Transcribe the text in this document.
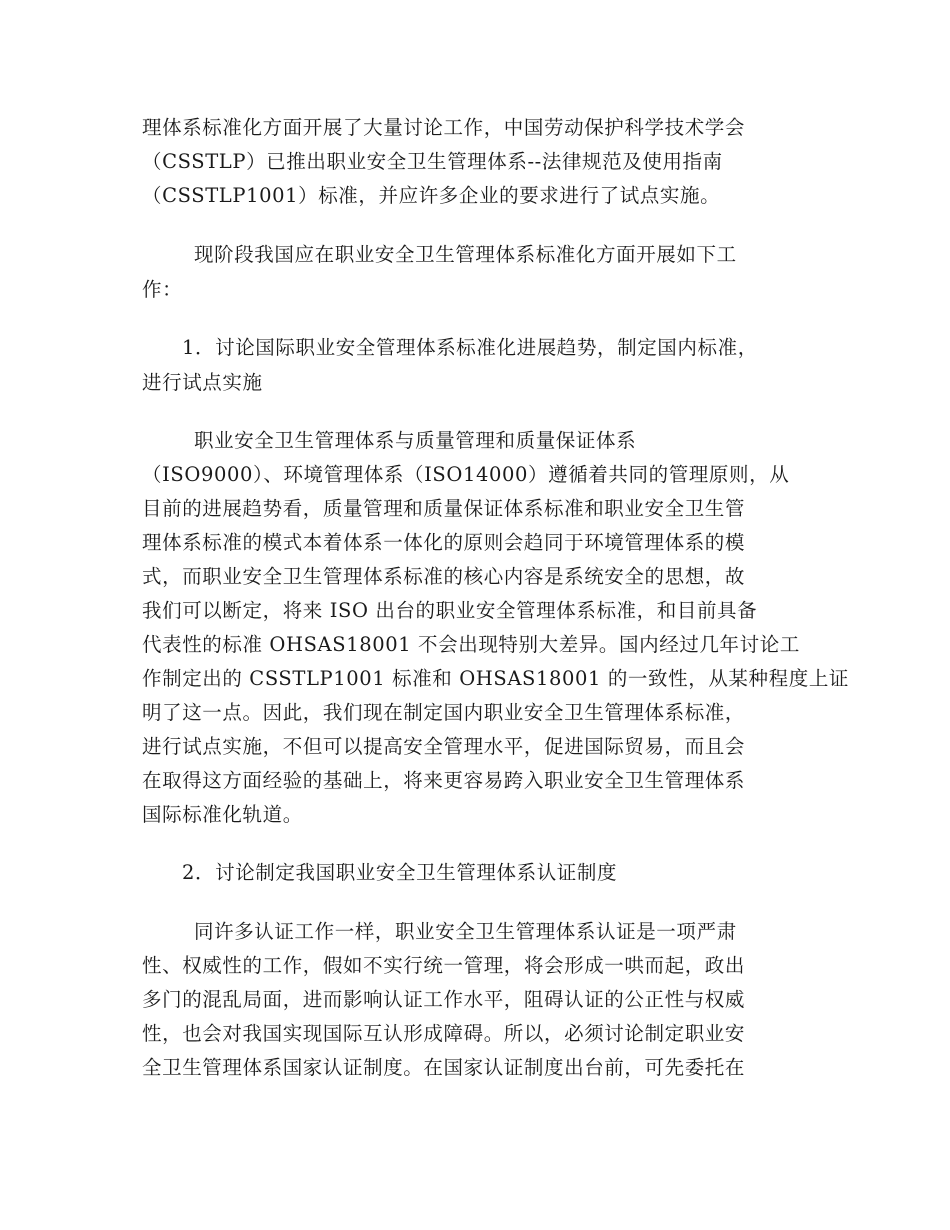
理体系标准化方面开展了大量讨论工作，中国劳动保护科学技术学会
（CSSTLP）已推出职业安全卫生管理体系--法律规范及使用指南
（CSSTLP1001）标准，并应许多企业的要求进行了试点实施。
现阶段我国应在职业安全卫生管理体系标准化方面开展如下工
作：
1．讨论国际职业安全管理体系标准化进展趋势，制定国内标准，
进行试点实施
职业安全卫生管理体系与质量管理和质量保证体系
（ISO9000）、环境管理体系（ISO14000）遵循着共同的管理原则，从
目前的进展趋势看，质量管理和质量保证体系标准和职业安全卫生管
理体系标准的模式本着体系一体化的原则会趋同于环境管理体系的模
式，而职业安全卫生管理体系标准的核心内容是系统安全的思想，故
我们可以断定，将来 ISO 出台的职业安全管理体系标准，和目前具备
代表性的标准 OHSAS18001 不会出现特别大差异。国内经过几年讨论工
作制定出的 CSSTLP1001 标准和 OHSAS18001 的一致性，从某种程度上证
明了这一点。因此，我们现在制定国内职业安全卫生管理体系标准，
进行试点实施，不但可以提高安全管理水平，促进国际贸易，而且会
在取得这方面经验的基础上，将来更容易跨入职业安全卫生管理体系
国际标准化轨道。
2．讨论制定我国职业安全卫生管理体系认证制度
同许多认证工作一样，职业安全卫生管理体系认证是一项严肃
性、权威性的工作，假如不实行统一管理，将会形成一哄而起，政出
多门的混乱局面，进而影响认证工作水平，阻碍认证的公正性与权威
性，也会对我国实现国际互认形成障碍。所以，必须讨论制定职业安
全卫生管理体系国家认证制度。在国家认证制度出台前，可先委托在
